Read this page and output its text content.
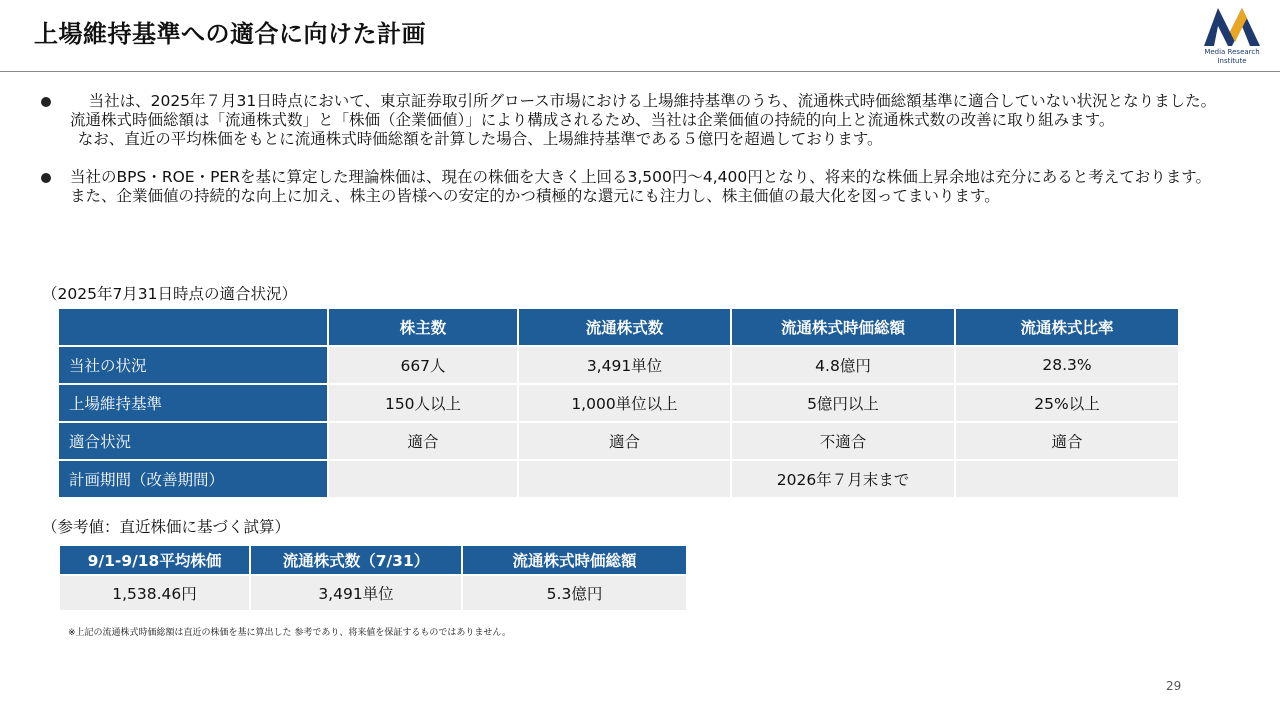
上場維持基準への適合に向けた計画
Media Research
Institute

当社は、2025年７月31日時点において、東京証券取引所グロース市場における上場維持基準のうち、流通株式時価総額基準に適合していない状況となりました。流通株式時価総額は「流通株式数」と「株価（企業価値）」により構成されるため、当社は企業価値の持続的向上と流通株式数の改善に取り組みます。

なお、直近の平均株価をもとに流通株式時価総額を計算した場合、上場維持基準である５億円を超過しております。

当社のBPS・ROE・PERを基に算定した理論株価は、現在の株価を大きく上回る3,500円～4,400円となり、将来的な株価上昇余地は充分にあると考えております。また、企業価値の持続的な向上に加え、株主の皆様への安定的かつ積極的な還元にも注力し、株主価値の最大化を図ってまいります。

（2025年7月31日時点の適合状況）
	株主数	流通株式数	流通株式時価総額	流通株式比率
当社の状況	667人	3,491単位	4.8億円	28.3%
上場維持基準	150人以上	1,000単位以上	5億円以上	25%以上
適合状況	適合	適合	不適合	適合
計画期間（改善期間）			2026年７月末まで	
（参考値：直近株価に基づく試算）
9/1-9/18平均株価	流通株式数（7/31）	流通株式時価総額
1,538.46円	3,491単位	5.3億円
※上記の流通株式時価総額は直近の株価を基に算出した 参考であり、将来値を保証するものではありません。
29
